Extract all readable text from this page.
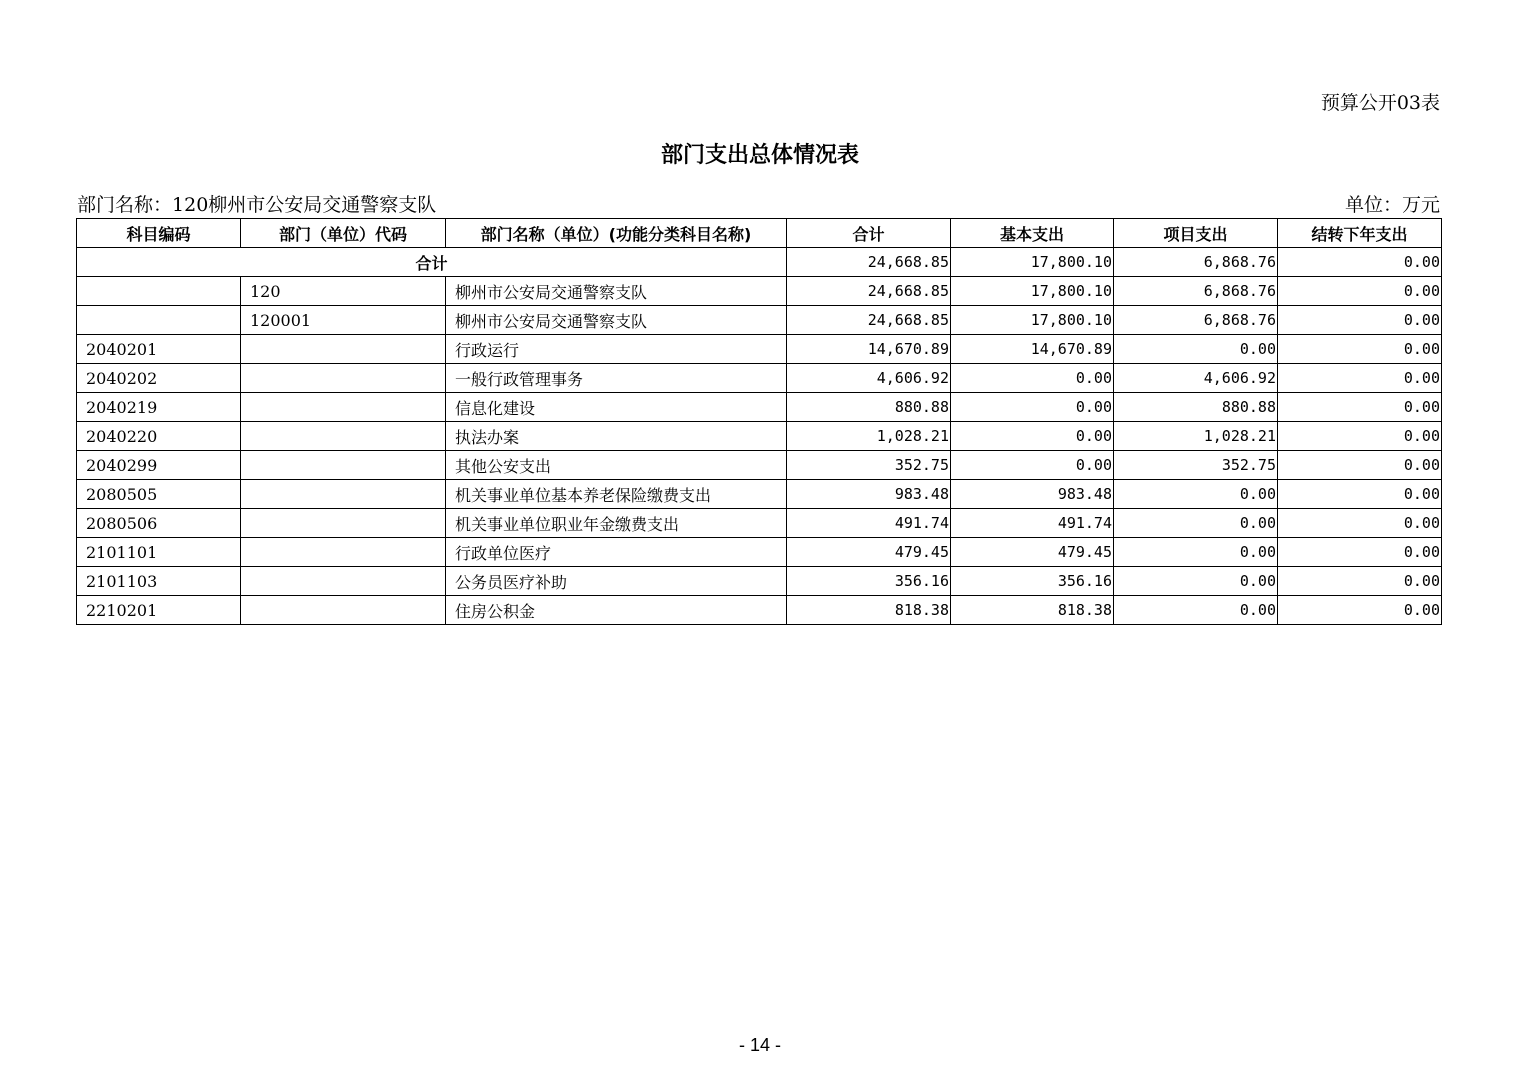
预算公开03表
部门支出总体情况表
部门名称：120柳州市公安局交通警察支队	单位：万元
科目编码	部门（单位）代码	部门名称（单位）(功能分类科目名称)	合计	基本支出	项目支出	结转下年支出
合计			24,668.85	17,800.10	6,868.76	0.00
	120	柳州市公安局交通警察支队	24,668.85	17,800.10	6,868.76	0.00
	120001	柳州市公安局交通警察支队	24,668.85	17,800.10	6,868.76	0.00
2040201		行政运行	14,670.89	14,670.89	0.00	0.00
2040202		一般行政管理事务	4,606.92	0.00	4,606.92	0.00
2040219		信息化建设	880.88	0.00	880.88	0.00
2040220		执法办案	1,028.21	0.00	1,028.21	0.00
2040299		其他公安支出	352.75	0.00	352.75	0.00
2080505		机关事业单位基本养老保险缴费支出	983.48	983.48	0.00	0.00
2080506		机关事业单位职业年金缴费支出	491.74	491.74	0.00	0.00
2101101		行政单位医疗	479.45	479.45	0.00	0.00
2101103		公务员医疗补助	356.16	356.16	0.00	0.00
2210201		住房公积金	818.38	818.38	0.00	0.00
- 14 -
